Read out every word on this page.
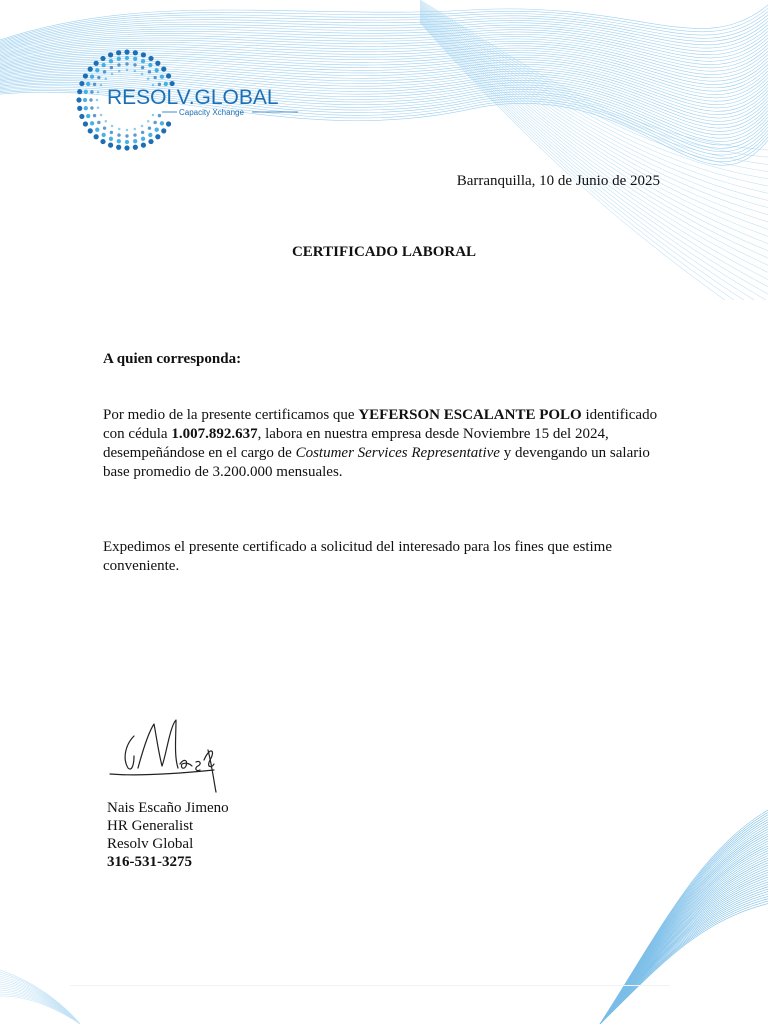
RESOLV.GLOBAL
Capacity Xchange
Barranquilla, 10 de Junio de 2025
CERTIFICADO LABORAL
A quien corresponda:
Por medio de la presente certificamos que YEFERSON ESCALANTE POLO identificado con cédula 1.007.892.637, labora en nuestra empresa desde Noviembre 15 del 2024, desempeñándose en el cargo de Costumer Services Representative y devengando un salario base promedio de 3.200.000 mensuales.
Expedimos el presente certificado a solicitud del interesado para los fines que estime conveniente.
Nais Escaño Jimeno
HR Generalist
Resolv Global
316-531-3275
